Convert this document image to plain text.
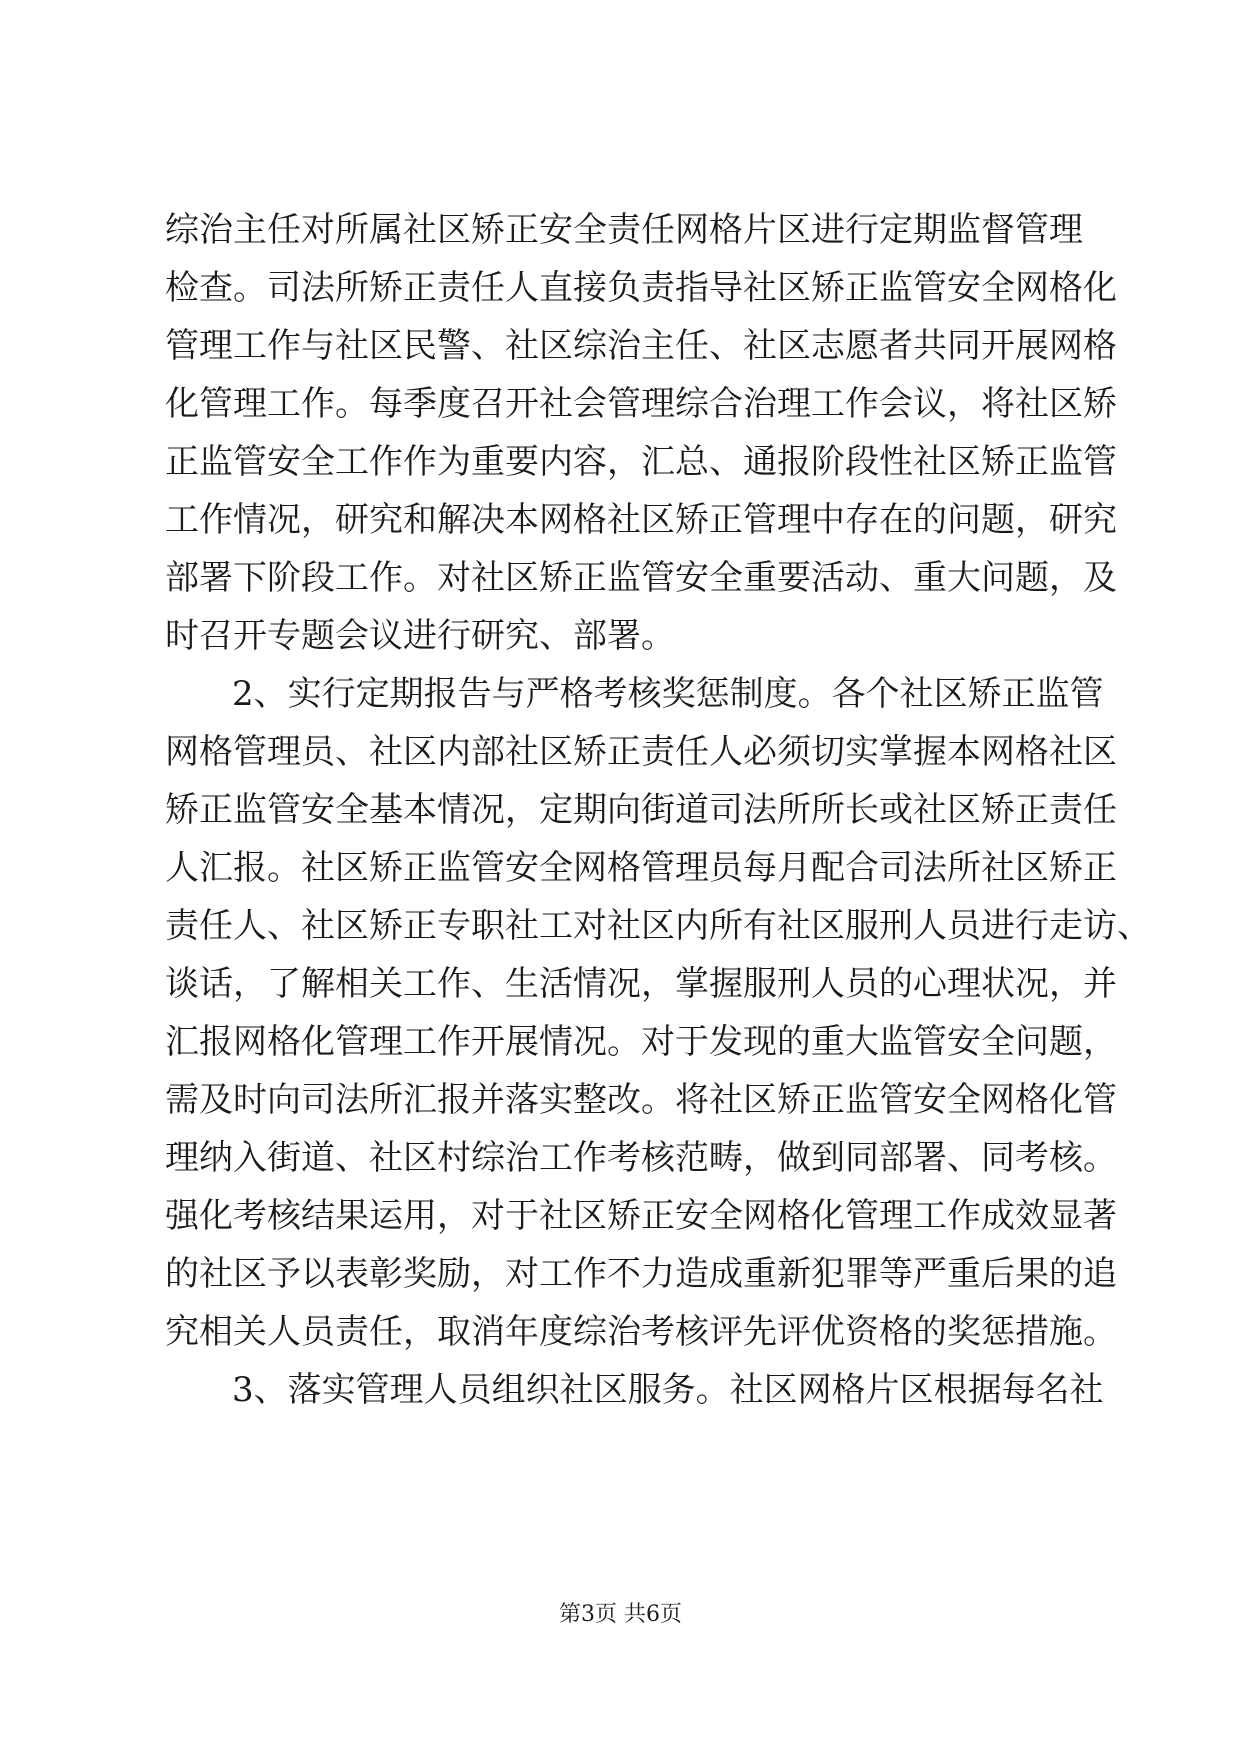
综治主任对所属社区矫正安全责任网格片区进行定期监督管理
检查。司法所矫正责任人直接负责指导社区矫正监管安全网格化
管理工作与社区民警、社区综治主任、社区志愿者共同开展网格
化管理工作。每季度召开社会管理综合治理工作会议，将社区矫
正监管安全工作作为重要内容，汇总、通报阶段性社区矫正监管
工作情况，研究和解决本网格社区矫正管理中存在的问题，研究
部署下阶段工作。对社区矫正监管安全重要活动、重大问题，及
时召开专题会议进行研究、部署。
2、实行定期报告与严格考核奖惩制度。各个社区矫正监管
网格管理员、社区内部社区矫正责任人必须切实掌握本网格社区
矫正监管安全基本情况，定期向街道司法所所长或社区矫正责任
人汇报。社区矫正监管安全网格管理员每月配合司法所社区矫正
责任人、社区矫正专职社工对社区内所有社区服刑人员进行走访、
谈话，了解相关工作、生活情况，掌握服刑人员的心理状况，并
汇报网格化管理工作开展情况。对于发现的重大监管安全问题，
需及时向司法所汇报并落实整改。将社区矫正监管安全网格化管
理纳入街道、社区村综治工作考核范畴，做到同部署、同考核。
强化考核结果运用，对于社区矫正安全网格化管理工作成效显著
的社区予以表彰奖励，对工作不力造成重新犯罪等严重后果的追
究相关人员责任，取消年度综治考核评先评优资格的奖惩措施。
3、落实管理人员组织社区服务。社区网格片区根据每名社
第3页 共6页
